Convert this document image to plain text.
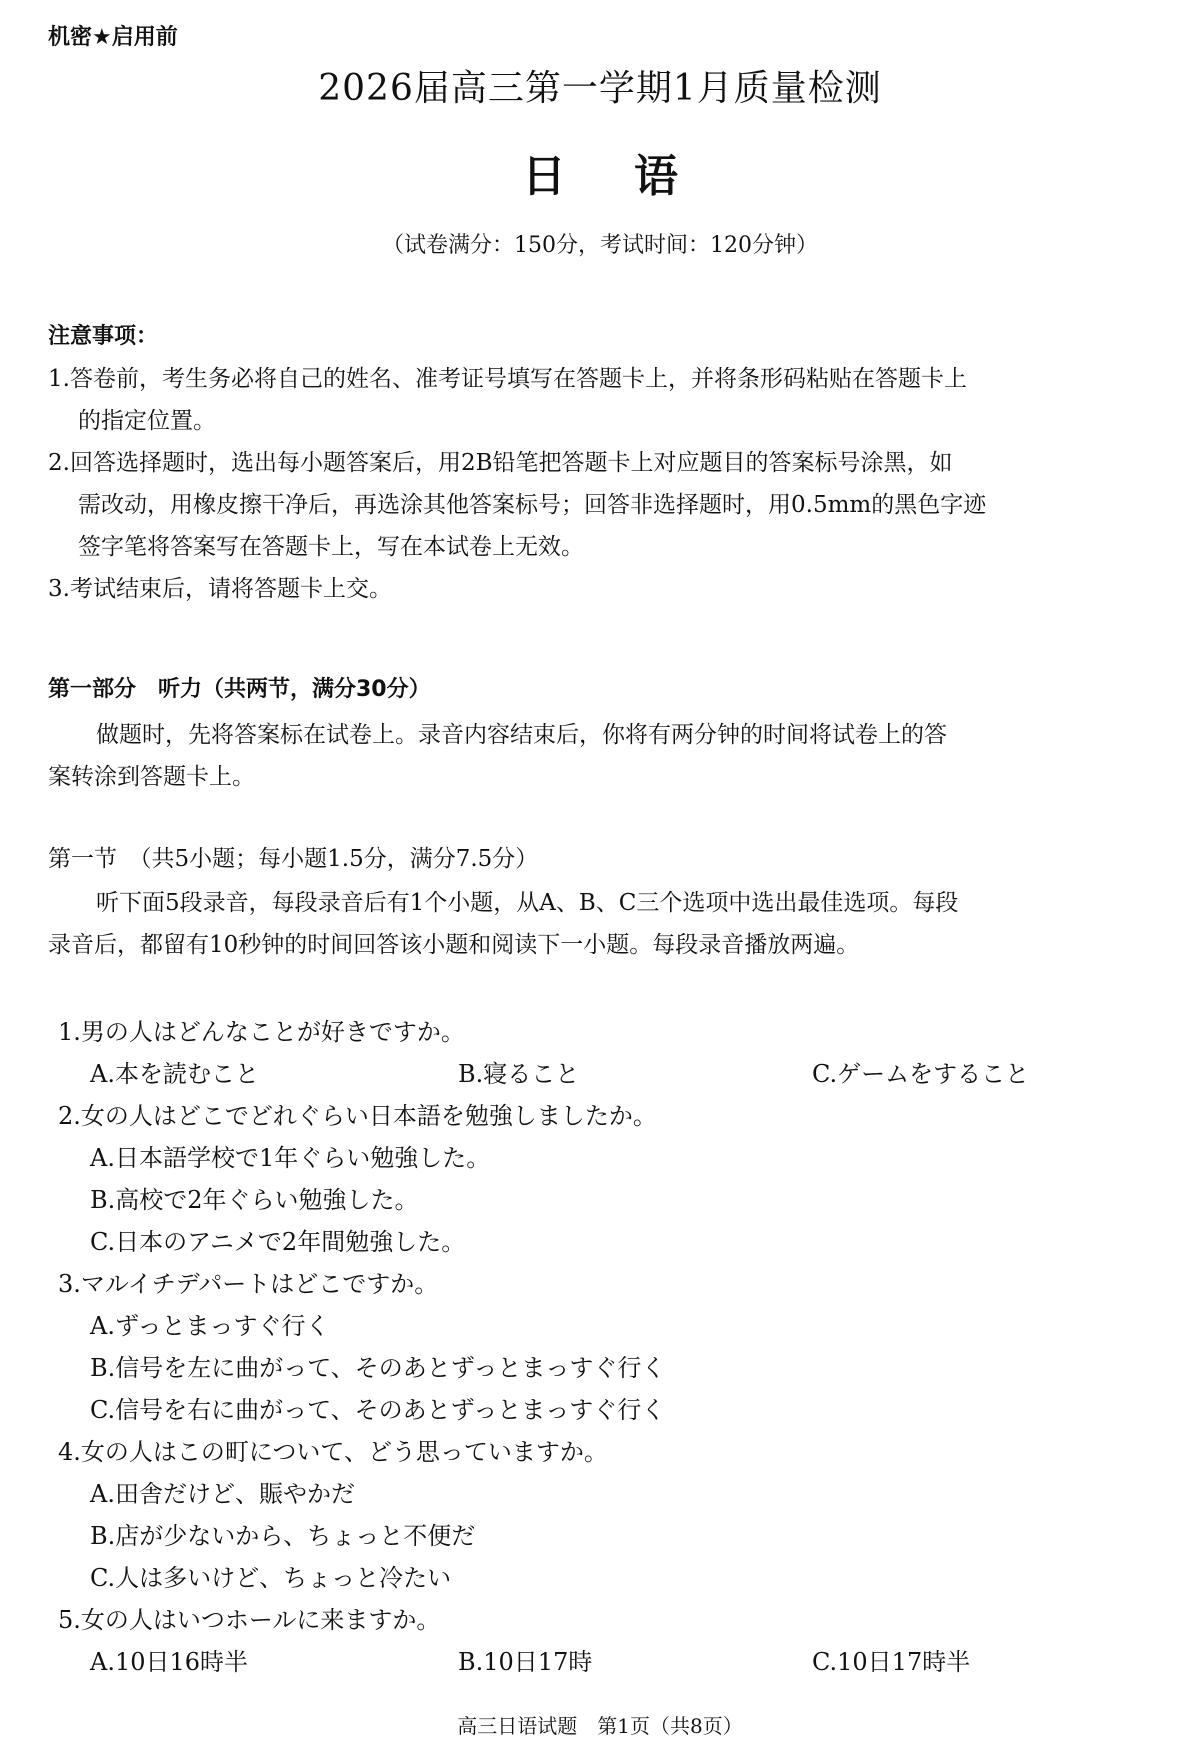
机密★启用前
2026届高三第一学期1月质量检测
日 语
（试卷满分：150分，考试时间：120分钟）
注意事项：
1.答卷前，考生务必将自己的姓名、准考证号填写在答题卡上，并将条形码粘贴在答题卡上
的指定位置。
2.回答选择题时，选出每小题答案后，用2B铅笔把答题卡上对应题目的答案标号涂黑，如
需改动，用橡皮擦干净后，再选涂其他答案标号；回答非选择题时，用0.5mm的黑色字迹
签字笔将答案写在答题卡上，写在本试卷上无效。
3.考试结束后，请将答题卡上交。
第一部分　听力（共两节，满分30分）
做题时，先将答案标在试卷上。录音内容结束后，你将有两分钟的时间将试卷上的答
案转涂到答题卡上。
第一节　（共5小题；每小题1.5分，满分7.5分）
听下面5段录音，每段录音后有1个小题，从A、B、C三个选项中选出最佳选项。每段
录音后，都留有10秒钟的时间回答该小题和阅读下一小题。每段录音播放两遍。
1.男の人はどんなことが好きですか。
A.本を読むこと	B.寝ること	C.ゲームをすること
2.女の人はどこでどれぐらい日本語を勉強しましたか。
A.日本語学校で1年ぐらい勉強した。
B.高校で2年ぐらい勉強した。
C.日本のアニメで2年間勉強した。
3.マルイチデパートはどこですか。
A.ずっとまっすぐ行く
B.信号を左に曲がって、そのあとずっとまっすぐ行く
C.信号を右に曲がって、そのあとずっとまっすぐ行く
4.女の人はこの町について、どう思っていますか。
A.田舎だけど、賑やかだ
B.店が少ないから、ちょっと不便だ
C.人は多いけど、ちょっと冷たい
5.女の人はいつホールに来ますか。
A.10日16時半	B.10日17時	C.10日17時半
高三日语试题　第1页（共8页）
